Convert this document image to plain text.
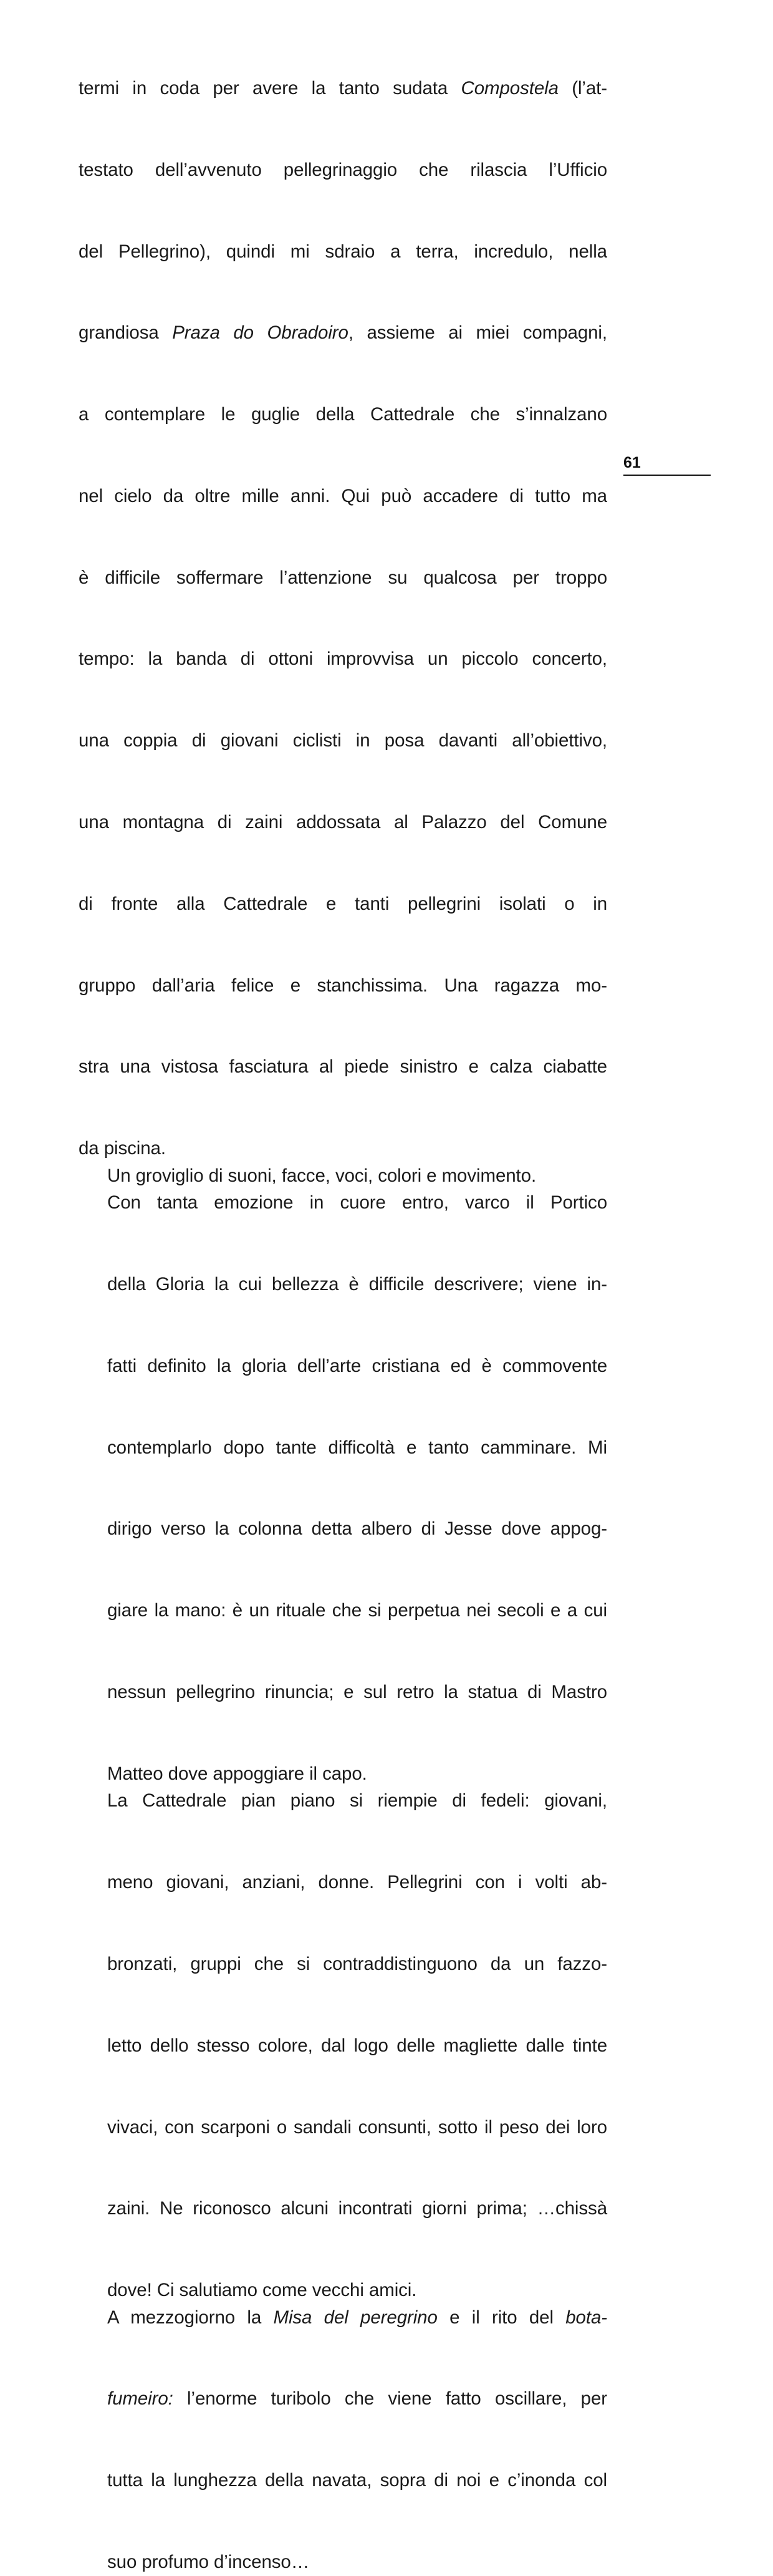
termi in coda per avere la tanto sudata Compostela (l’at-
testato dell’avvenuto pellegrinaggio che rilascia l’Ufficio
del Pellegrino), quindi mi sdraio a terra, incredulo, nella
grandiosa Praza do Obradoiro, assieme ai miei compagni,
a contemplare le guglie della Cattedrale che s’innalzano
nel cielo da oltre mille anni. Qui può accadere di tutto ma
è difficile soffermare l’attenzione su qualcosa per troppo
tempo: la banda di ottoni improvvisa un piccolo concerto,
una coppia di giovani ciclisti in posa davanti all’obiettivo,
una montagna di zaini addossata al Palazzo del Comune
di fronte alla Cattedrale e tanti pellegrini isolati o in
gruppo dall’aria felice e stanchissima. Una ragazza mo-
stra una vistosa fasciatura al piede sinistro e calza ciabatte
da piscina.
Un groviglio di suoni, facce, voci, colori e movimento.
Con tanta emozione in cuore entro, varco il Portico
della Gloria la cui bellezza è difficile descrivere; viene in-
fatti definito la gloria dell’arte cristiana ed è commovente
contemplarlo dopo tante difficoltà e tanto camminare. Mi
dirigo verso la colonna detta albero di Jesse dove appog-
giare la mano: è un rituale che si perpetua nei secoli e a cui
nessun pellegrino rinuncia; e sul retro la statua di Mastro
Matteo dove appoggiare il capo.
La Cattedrale pian piano si riempie di fedeli: giovani,
meno giovani, anziani, donne. Pellegrini con i volti ab-
bronzati, gruppi che si contraddistinguono da un fazzo-
letto dello stesso colore, dal logo delle magliette dalle tinte
vivaci, con scarponi o sandali consunti, sotto il peso dei loro
zaini. Ne riconosco alcuni incontrati giorni prima; …chissà
dove! Ci salutiamo come vecchi amici.
A mezzogiorno la Misa del peregrino e il rito del bota-
fumeiro: l’enorme turibolo che viene fatto oscillare, per
tutta la lunghezza della navata, sopra di noi e c’inonda col
suo profumo d’incenso…
61
